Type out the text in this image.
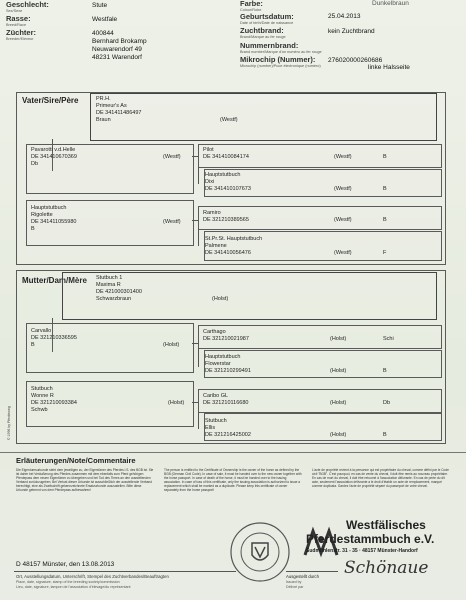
Geschlecht:
Sex/Sexe
Stute
Rasse:
Breed/Race
Westfale
Züchter:
Breeder/Eleveur
400844
Bernhard Brokamp
Neuwarendorf 49
48231 Warendorf
Farbe:
Colour/Robe
Dunkelbraun
Geburtsdatum:
Date of birth/Date de naissance
25.04.2013
Zuchtbrand:
Brand/Marque au fer rouge
kein Zuchtbrand
Nummernbrand:
Brand number/Marque d'un numéro au fer rouge
Mikrochip (Nummer):
Microchip (number)/Puce électronique (numéro)
276020000260686
linke Halsseite
Vater/Sire/Père	PR.H.
Primeur's As
DE 341411486497
Braun	(Westf)
Pavarotti v.d.Helle
DE 341410670369
Db
(Westf)
Pilot
DE 341410084174	(Westf)	B
Hauptstutbuch
Dixi
DE 341410107673	(Westf)	B
Hauptstutbuch
Rigolette
DE 341411055980
B
(Westf)
Ramiro
DE 321210389565	(Westf)	B
St.Pr.St. Hauptstutbuch
Palmene
DE 341410056476	(Westf)	F
Mutter/Dam/Mère Stutbuch 1
Maxima R
DE 421000301400
Schwarzbraun	(Holst)
Carvallo
DE 321210336595
B	(Holst)
Carthago
DE 321210021987	(Holst)	Schi
Hauptstutbuch
Flowerstar
DE 321210299491	(Holst)	B
Stutbuch
Wonne R
DE 321210093384
Schwb
(Holst)
Caribo GL
DE 321210116680	(Holst)	Db
Stutbuch
Ellis
DE 321216425002	(Holst)	B
© 1996 by Pferdeweg
Erläuterungen/Note/Commentaire
Die Eigentumsurkunde steht dem jeweiligen zu, der Eigentümer des Pferdes i.S. des BGB ist. Sie ist daher bei Veräußerung des Pferdes zusammen mit dem ebenfalls zum Pferd gehörigen Pferdepass dem neuen Eigentümer zu übergeben und bei Tod des Tieres an den ausstellenden Verband zurückzugeben. Bei Verlust dieser Urkunde ist ausschließlich der ausstellende Verband berechtigt, eine als Zweitschrift gekennzeichnete Ersatzurkunde auszustellen. Bitte diese Urkunde getrennt von dem Pferdepass aufbewahren!
The person is entitled to the Certificate of Ownership is the owner of the horse as defined by the BGB (German Civil Code). In case of sale, it must be handed over to the new owner together with the horse passport. In case of death of the horse, it must be handed over to the issuing association. In case of loss of this certificate, only the issuing association is authorized to issue a replacement which shall be marked as a duplicate. Please keep this certificate of owner separately from the horse passport!
L'acte de propriété revient à la personne qui est propriétaire du cheval, comme défini par le Code civil "BGB". C'est pourquoi, en cas de vente du cheval, il doit être remis au nouveau propriétaire. En cas de mort du cheval, il doit être retourné à l'association délivrante. En cas de perte du dit acte, seulement l'association délivrante a le droit d'établir un acte de remplacement, marqué comme duplicata. Gardez l'acte de propriété séparé du passeport de votre cheval.
D 48157 Münster, den 13.08.2013
Ort, Ausstellungsdatum, Unterschrift, Stempel des Zuchtverbandes/Beauftragten
Place, date, signature, stamp of the breeding society/commission
Lieu, date, signature, tampon de l'association d'élevage/du représentant
Westfälisches
Pferdestammbuch e.V.
Sudmühlenstr. 31 - 35 · 48157 Münster-Handorf
Ausgestellt durch
Issued by
Délivré par
Schönaue
